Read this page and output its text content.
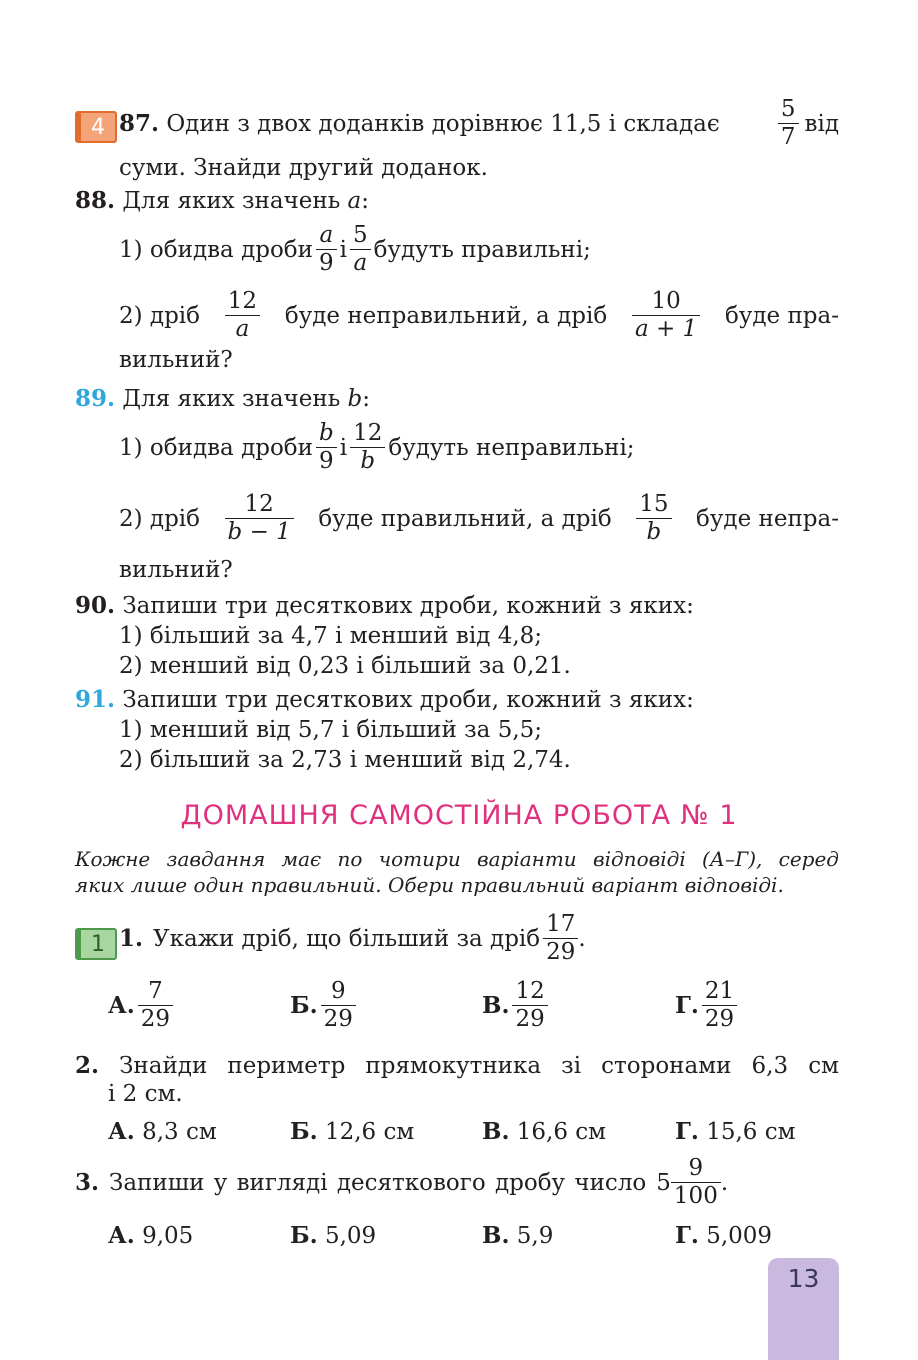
4 87. Один з двох доданків дорівнює 11,5 і складає	$\frac{5}{7}$ від
суми. Знайди другий доданок.
88. Для яких значень a:
1) обидва дроби $\frac{a}{9}$ і $\frac{5}{a}$ будуть правильні;
2) дріб $\frac{12}{a}$ буде неправильний, а дріб $\frac{10}{a + 1}$ буде пра-
вильний?
89. Для яких значень b:
1) обидва дроби $\frac{b}{9}$ і $\frac{12}{b}$ будуть неправильні;
2) дріб $\frac{12}{b - 1}$ буде правильний, а дріб $\frac{15}{b}$ буде непра-
вильний?
90. Запиши три десяткових дроби, кожний з яких:
1) більший за 4,7 і менший від 4,8;
2) менший від 0,23 і більший за 0,21.
91. Запиши три десяткових дроби, кожний з яких:
1) менший від 5,7 і більший за 5,5;
2) більший за 2,73 і менший від 2,74.
ДОМАШНЯ САМОСТІЙНА РОБОТА № 1
Кожне завдання має по чотири варіанти відповіді (А–Г), серед
яких лише один правильний. Обери правильний варіант відповіді.
1 1. Укажи дріб, що більший за дріб $\frac{17}{29}$ .
А. $\frac{7}{29}$	Б. $\frac{9}{29}$	В. $\frac{12}{29}$	Г. $\frac{21}{29}$
2. Знайди периметр прямокутника зі сторонами 6,3 см
і 2 см.
А. 8,3 см	Б. 12,6 см	В. 16,6 см	Г. 15,6 см
3. Запиши у вигляді десяткового дробу число $5 \frac{9}{100}$ .
А. 9,05	Б. 5,09	В. 5,9	Г. 5,009
13
